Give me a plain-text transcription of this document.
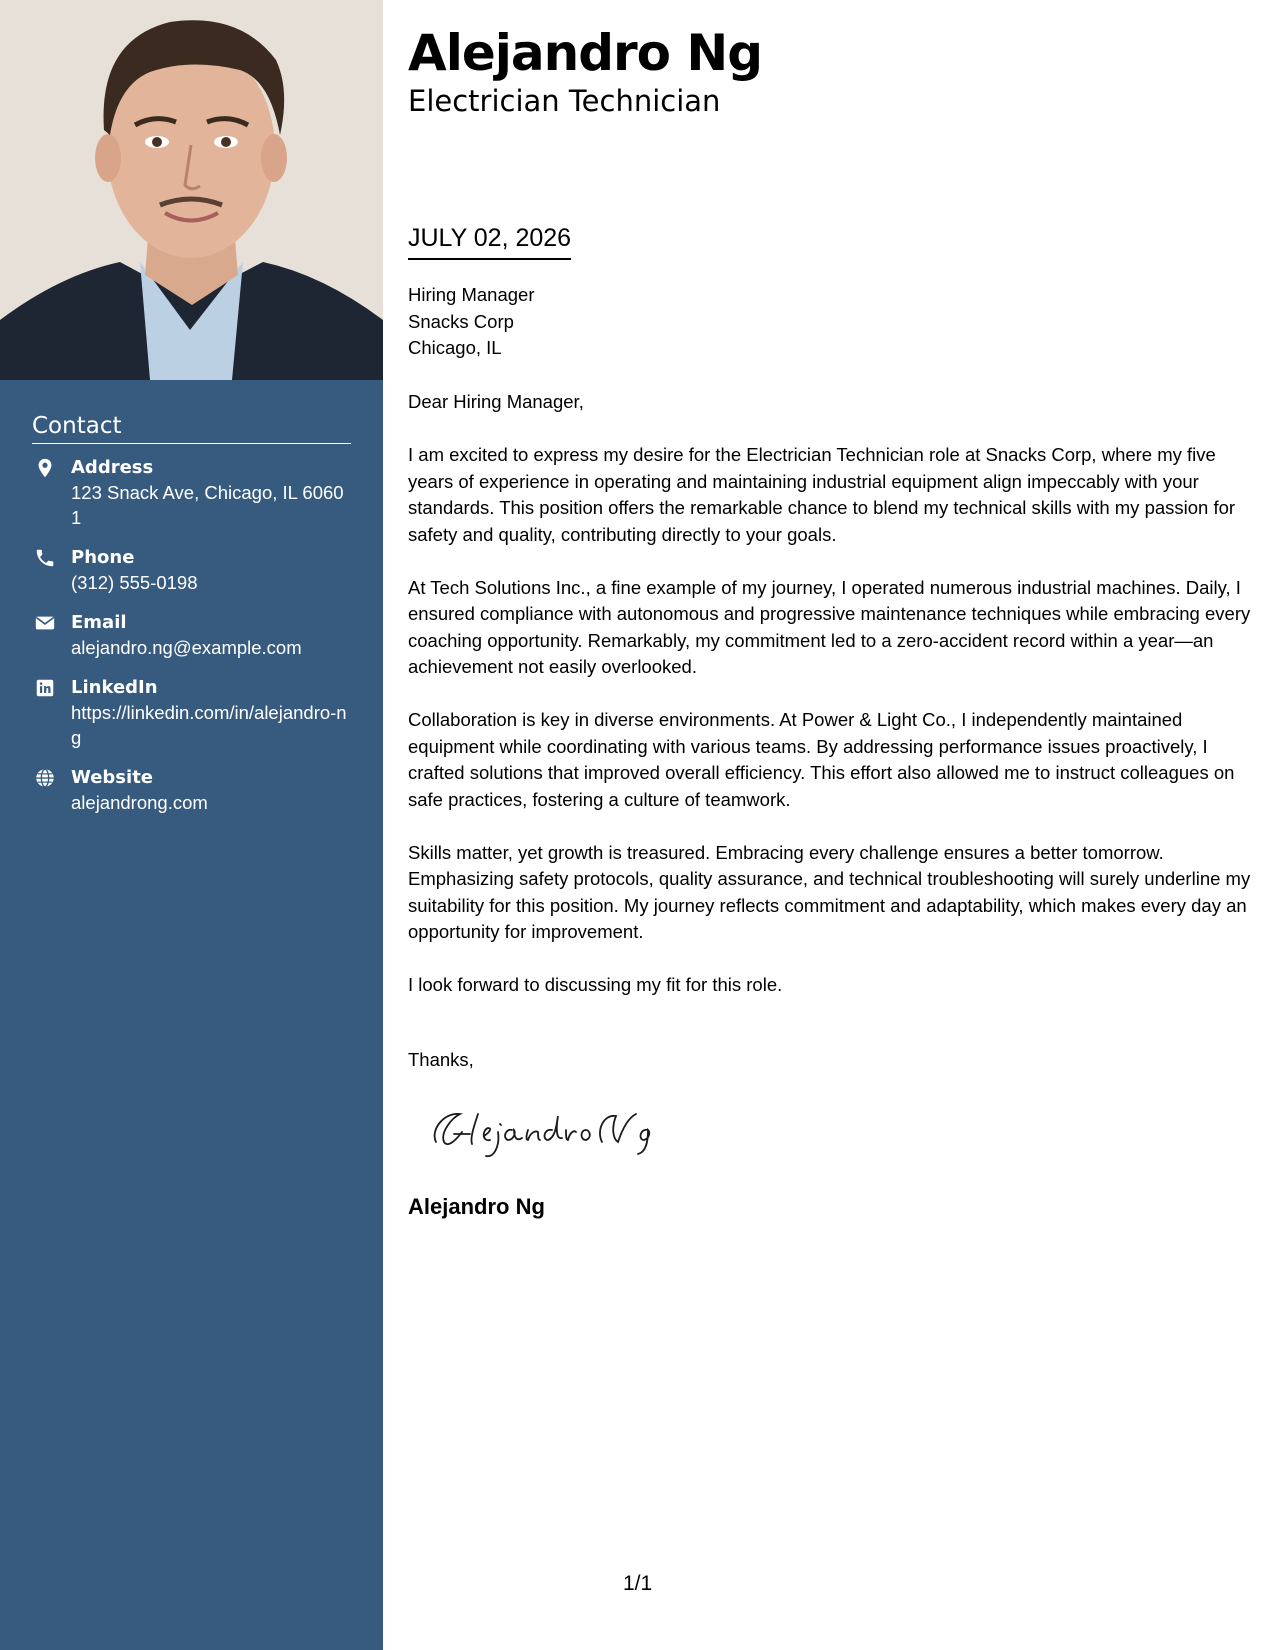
Contact
Address
123 Snack Ave, Chicago, IL 60601
Phone
(312) 555-0198
Email
alejandro.ng@example.com
LinkedIn
https://linkedin.com/in/alejandro-ng
Website
alejandrong.com
Alejandro Ng
Electrician Technician
JULY 02, 2026
Hiring Manager
Snacks Corp
Chicago, IL

Dear Hiring Manager,

I am excited to express my desire for the Electrician Technician role at Snacks Corp, where my five years of experience in operating and maintaining industrial equipment align impeccably with your standards. This position offers the remarkable chance to blend my technical skills with my passion for safety and quality, contributing directly to your goals.

At Tech Solutions Inc., a fine example of my journey, I operated numerous industrial machines. Daily, I ensured compliance with autonomous and progressive maintenance techniques while embracing every coaching opportunity. Remarkably, my commitment led to a zero-accident record within a year—an achievement not easily overlooked.

Collaboration is key in diverse environments. At Power & Light Co., I independently maintained equipment while coordinating with various teams. By addressing performance issues proactively, I crafted solutions that improved overall efficiency. This effort also allowed me to instruct colleagues on safe practices, fostering a culture of teamwork.

Skills matter, yet growth is treasured. Embracing every challenge ensures a better tomorrow. Emphasizing safety protocols, quality assurance, and technical troubleshooting will surely underline my suitability for this position. My journey reflects commitment and adaptability, which makes every day an opportunity for improvement.

I look forward to discussing my fit for this role.

Thanks,
Alejandro Ng
1/1
